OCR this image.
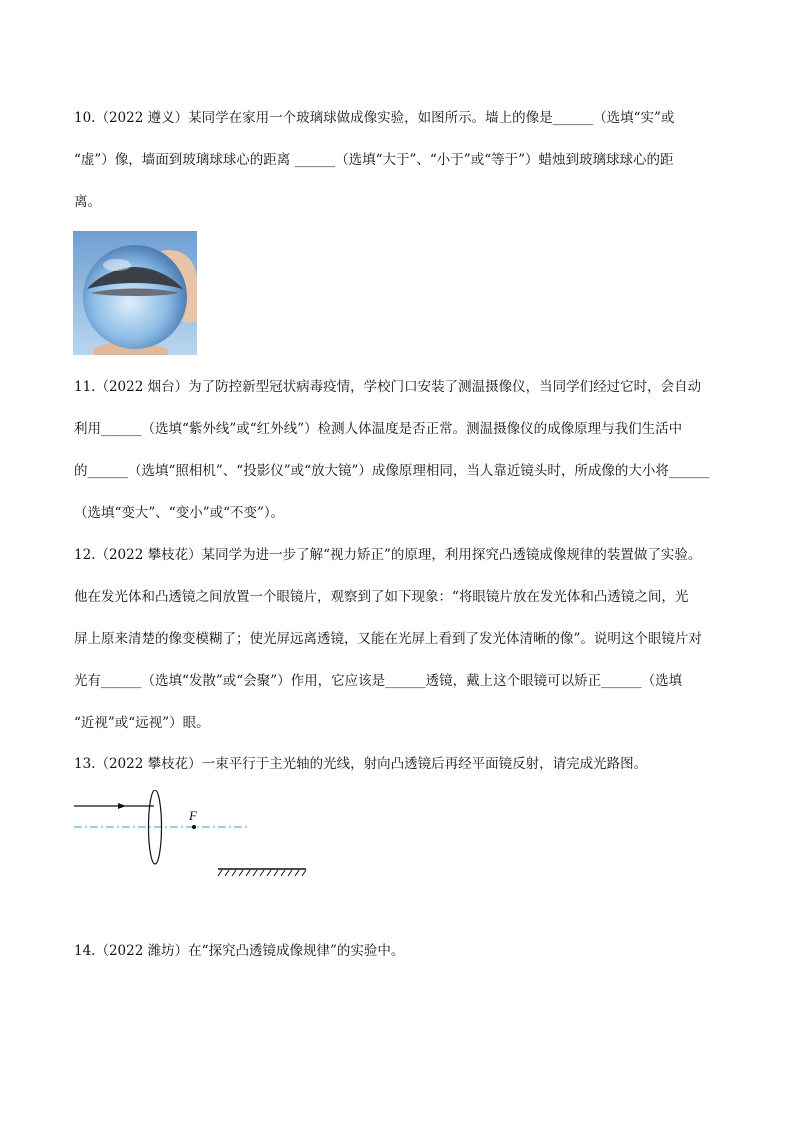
10.（2022 遵义）某同学在家用一个玻璃球做成像实验，如图所示。墙上的像是______（选填“实”或
“虚”）像，墙面到玻璃球球心的距离 ______（选填“大于”、“小于”或“等于”）蜡烛到玻璃球球心的距
离。
11.（2022 烟台）为了防控新型冠状病毒疫情，学校门口安装了测温摄像仪，当同学们经过它时，会自动
利用______（选填“紫外线”或“红外线”）检测人体温度是否正常。测温摄像仪的成像原理与我们生活中
的______（选填“照相机”、“投影仪”或“放大镜”）成像原理相同，当人靠近镜头时，所成像的大小将______
（选填“变大”、“变小”或“不变”）。
12.（2022 攀枝花）某同学为进一步了解“视力矫正”的原理，利用探究凸透镜成像规律的装置做了实验。
他在发光体和凸透镜之间放置一个眼镜片，观察到了如下现象：“将眼镜片放在发光体和凸透镜之间，光
屏上原来清楚的像变模糊了；使光屏远离透镜，又能在光屏上看到了发光体清晰的像”。说明这个眼镜片对
光有______（选填“发散”或“会聚”）作用，它应该是______透镜，戴上这个眼镜可以矫正______（选填
“近视”或“远视”）眼。
13.（2022 攀枝花）一束平行于主光轴的光线，射向凸透镜后再经平面镜反射，请完成光路图。
F
14.（2022 潍坊）在“探究凸透镜成像规律”的实验中。
